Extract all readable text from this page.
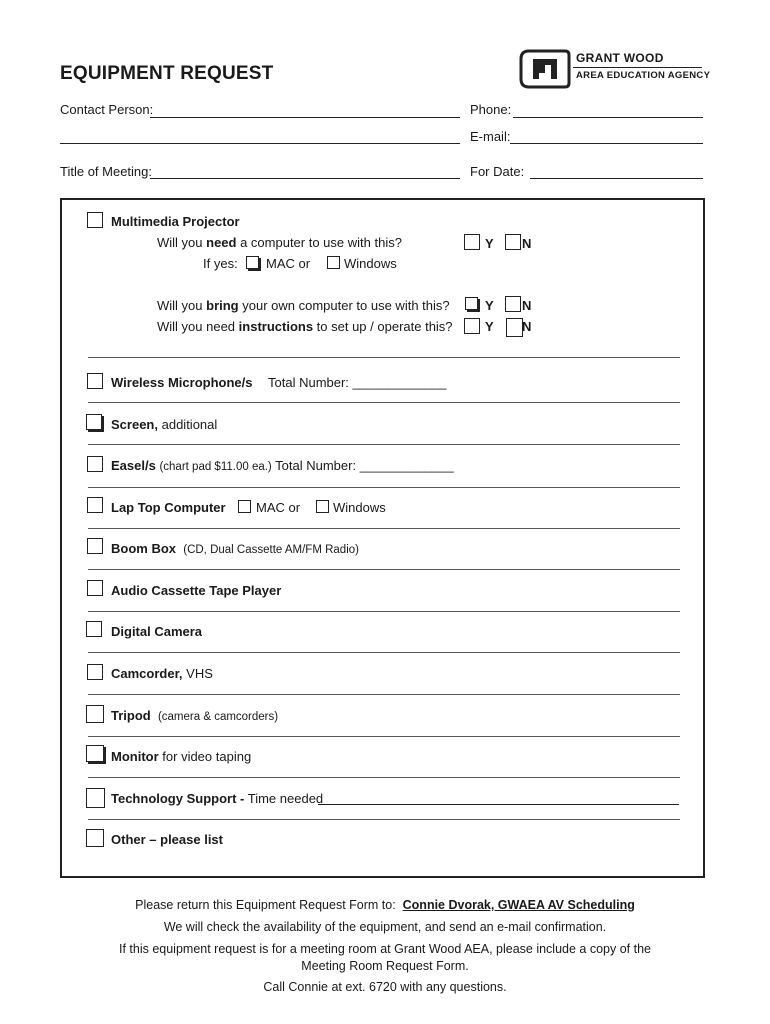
EQUIPMENT REQUEST
GRANT WOOD
AREA EDUCATION AGENCY
Contact Person:	Phone:
E-mail:
Title of Meeting:	For Date:
Multimedia Projector
Will you need a computer to use with this?	Y N
If yes: MAC or	Windows
Will you bring your own computer to use with this?	Y N
Will you need instructions to set up / operate this? Y N
Wireless Microphone/s Total Number: _____________
Screen, additional
Easel/s (chart pad $11.00 ea.) Total Number: _____________
Lap Top Computer MAC or	Windows
Boom Box (CD, Dual Cassette AM/FM Radio)
Audio Cassette Tape Player
Digital Camera
Camcorder, VHS
Tripod (camera & camcorders)
Monitor for video taping
Technology Support - Time needed
Other – please list
Please return this Equipment Request Form to: Connie Dvorak, GWAEA AV Scheduling
We will check the availability of the equipment, and send an e-mail confirmation.
If this equipment request is for a meeting room at Grant Wood AEA, please include a copy of the
Meeting Room Request Form.
Call Connie at ext. 6720 with any questions.
